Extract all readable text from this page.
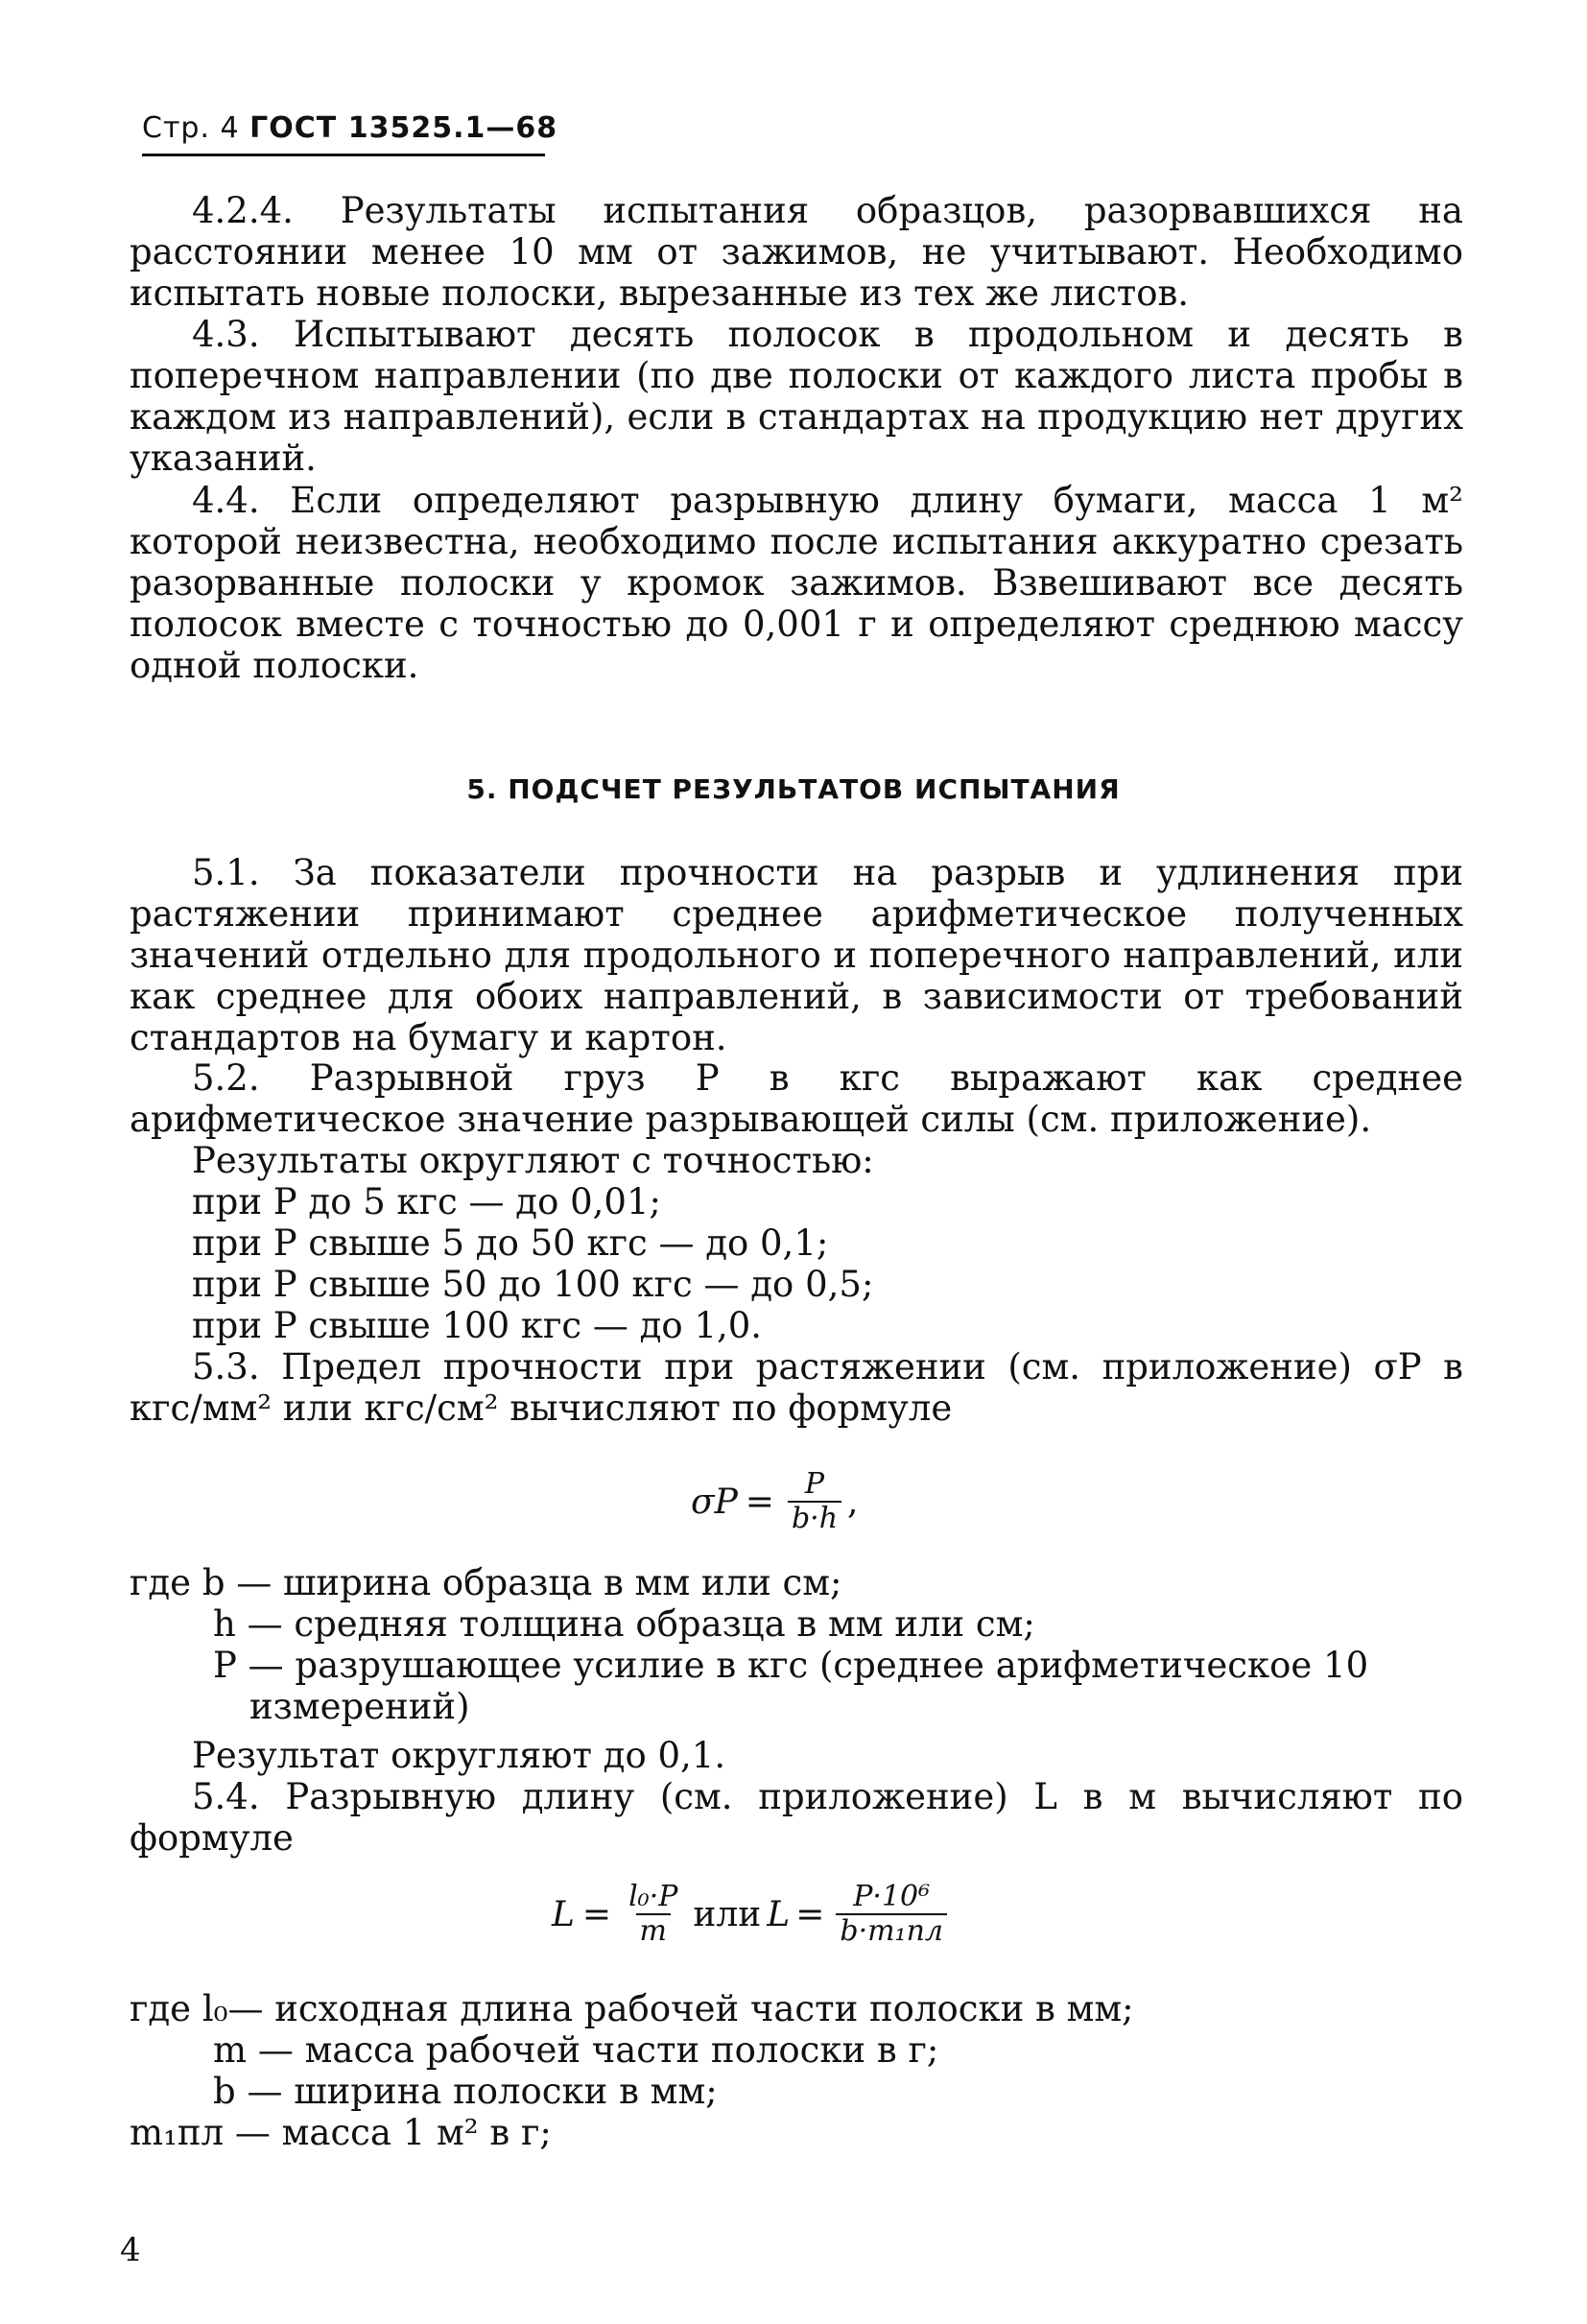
Стр. 4 ГОСТ 13525.1—68

4.2.4. Результаты испытания образцов, разорвавшихся на расстоянии менее 10 мм от зажимов, не учитывают. Необходимо испытать новые полоски, вырезанные из тех же листов.

4.3. Испытывают десять полосок в продольном и десять в поперечном направлении (по две полоски от каждого листа пробы в каждом из направлений), если в стандартах на продукцию нет других указаний.

4.4. Если определяют разрывную длину бумаги, масса 1 м² которой неизвестна, необходимо после испытания аккуратно срезать разорванные полоски у кромок зажимов. Взвешивают все десять полосок вместе с точностью до 0,001 г и определяют среднюю массу одной полоски.

5. ПОДСЧЕТ РЕЗУЛЬТАТОВ ИСПЫТАНИЯ

5.1. За показатели прочности на разрыв и удлинения при растяжении принимают среднее арифметическое полученных значений отдельно для продольного и поперечного направлений, или как среднее для обоих направлений, в зависимости от требований стандартов на бумагу и картон.

5.2. Разрывной груз P в кгс выражают как среднее арифметическое значение разрывающей силы (см. приложение).

Результаты округляют с точностью:
при P до 5 кгс — до 0,01;
при P свыше 5 до 50 кгс — до 0,1;
при P свыше 50 до 100 кгс — до 0,5;
при P свыше 100 кгс — до 1,0.

5.3. Предел прочности при растяжении (см. приложение) σP в кгс/мм² или кгс/см² вычисляют по формуле

$\sigma P = \frac{P}{b\cdot h}$ ,
где b — ширина образца в мм или см;
h — средняя толщина образца в мм или см;
P — разрушающее усилие в кгс (среднее арифметическое 10
измерений)
Результат округляют до 0,1.

5.4. Разрывную длину (см. приложение) L в м вычисляют по формуле

$L = \frac{\text{l₀·P}}{m}$ или $L = \frac{\text{P·10⁶}}{\text{b·m₁пл}}$
где l₀— исходная длина рабочей части полоски в мм;
m — масса рабочей части полоски в г;
b — ширина полоски в мм;
m₁пл — масса 1 м² в г;
4
